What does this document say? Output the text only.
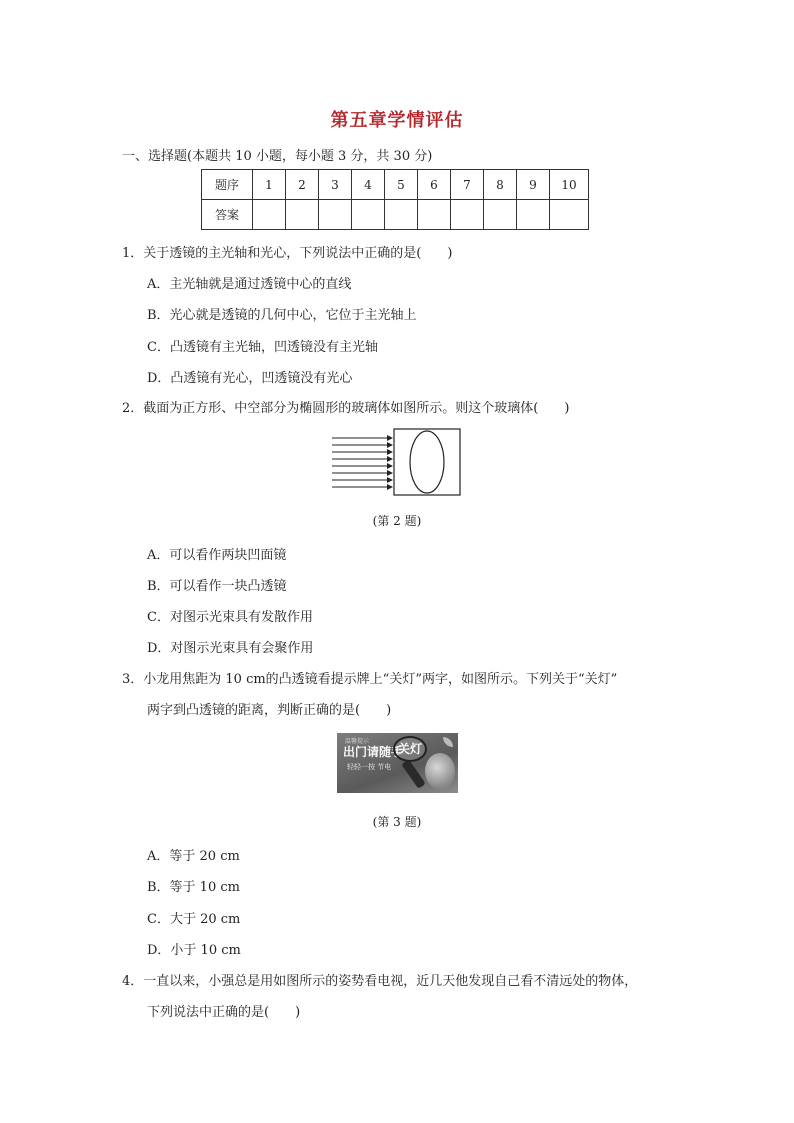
第五章学情评估
一、选择题(本题共 10 小题，每小题 3 分，共 30 分)
题序	1	2	3	4	5	6	7	8	9	10
答案										
1．关于透镜的主光轴和光心，下列说法中正确的是(　　)
A．主光轴就是通过透镜中心的直线
B．光心就是透镜的几何中心，它位于主光轴上
C．凸透镜有主光轴，凹透镜没有主光轴
D．凸透镜有光心，凹透镜没有光心
2．截面为正方形、中空部分为椭圆形的玻璃体如图所示。则这个玻璃体(　　)
(第 2 题)
A．可以看作两块凹面镜
B．可以看作一块凸透镜
C．对图示光束具有发散作用
D．对图示光束具有会聚作用
3．小龙用焦距为 10 cm的凸透镜看提示牌上“关灯”两字，如图所示。下列关于“关灯”
两字到凸透镜的距离，判断正确的是(　　)
温馨提示
出门请随手
轻轻一按 节电
关灯
(第 3 题)
A．等于 20 cm
B．等于 10 cm
C．大于 20 cm
D．小于 10 cm
4．一直以来，小强总是用如图所示的姿势看电视，近几天他发现自己看不清远处的物体，
下列说法中正确的是(　　)
